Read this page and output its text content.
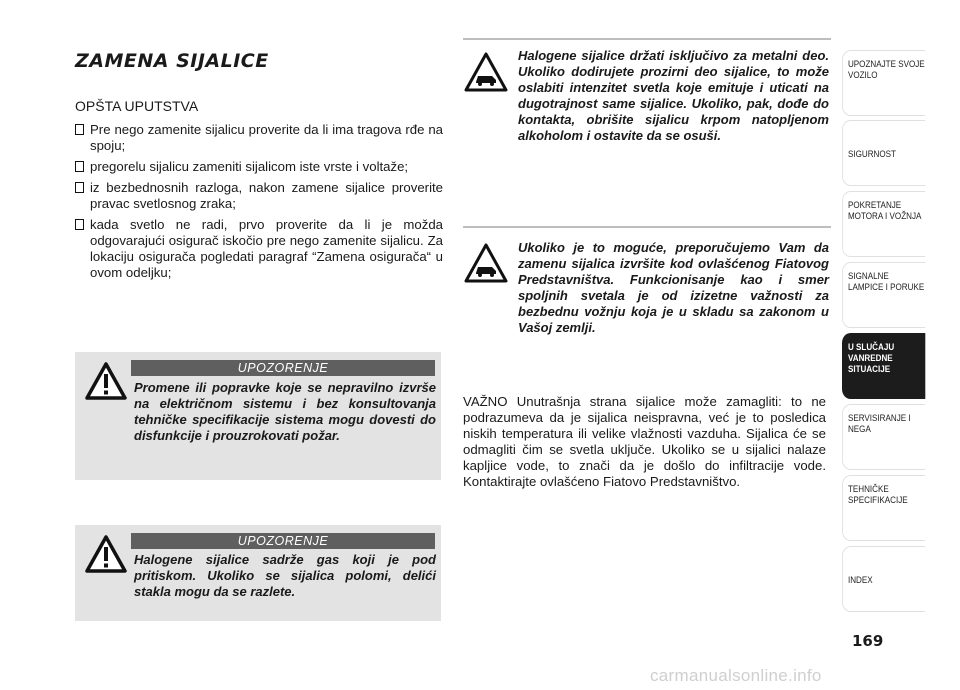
ZAMENA SIJALICE
OPŠTA UPUTSTVA
Pre nego zamenite sijalicu proverite da li ima tragova rđe na spoju;
pregorelu sijalicu zameniti sijalicom iste vrste i voltaže;
iz bezbednosnih razloga, nakon zamene sijalice proverite pravac svetlosnog zraka;
kada svetlo ne radi, prvo proverite da li je možda odgovarajući osigurač iskočio pre nego zamenite sijalicu. Za lokaciju osigurača pogledati paragraf “Zamena osigurača“ u ovom odeljku;
UPOZORENJE
Promene ili popravke koje se nepravilno izvrše na električnom sistemu i bez konsultovanja tehničke specifikacije sistema mogu dovesti do disfunkcije i prouzrokovati požar.
UPOZORENJE
Halogene sijalice sadrže gas koji je pod pritiskom. Ukoliko se sijalica polomi, delići stakla mogu da se razlete.
Halogene sijalice držati isključivo za metalni deo. Ukoliko dodirujete prozirni deo sijalice, to može oslabiti intenzitet svetla koje emituje i uticati na dugotrajnost same sijalice. Ukoliko, pak, dođe do kontakta, obrišite sijalicu krpom natopljenom alkoholom i ostavite da se osuši.
Ukoliko je to moguće, preporučujemo Vam da zamenu sijalica izvršite kod ovlašćenog Fiatovog Predstavništva. Funkcionisanje kao i smer spoljnih svetala je od izizetne važnosti za bezbednu vožnju koja je u skladu sa zakonom u Vašoj zemlji.
VAŽNO Unutrašnja strana sijalice može zamagliti: to ne podrazumeva da je sijalica neispravna, već je to posledica niskih temperatura ili velike vlažnosti vazduha. Sijalica će se odmagliti čim se svetla uključe. Ukoliko se u sijalici nalaze kapljice vode, to znači da je došlo do infiltracije vode. Kontaktirajte ovlašćeno Fiatovo Predstavništvo.
UPOZNAJTE SVOJE VOZILO
SIGURNOST
POKRETANJE MOTORA I VOŽNJA
SIGNALNE LAMPICE I PORUKE
U SLUČAJU VANREDNE SITUACIJE
SERVISIRANJE I NEGA
TEHNIČKE SPECIFIKACIJE
INDEX
169
carmanualsonline.info
